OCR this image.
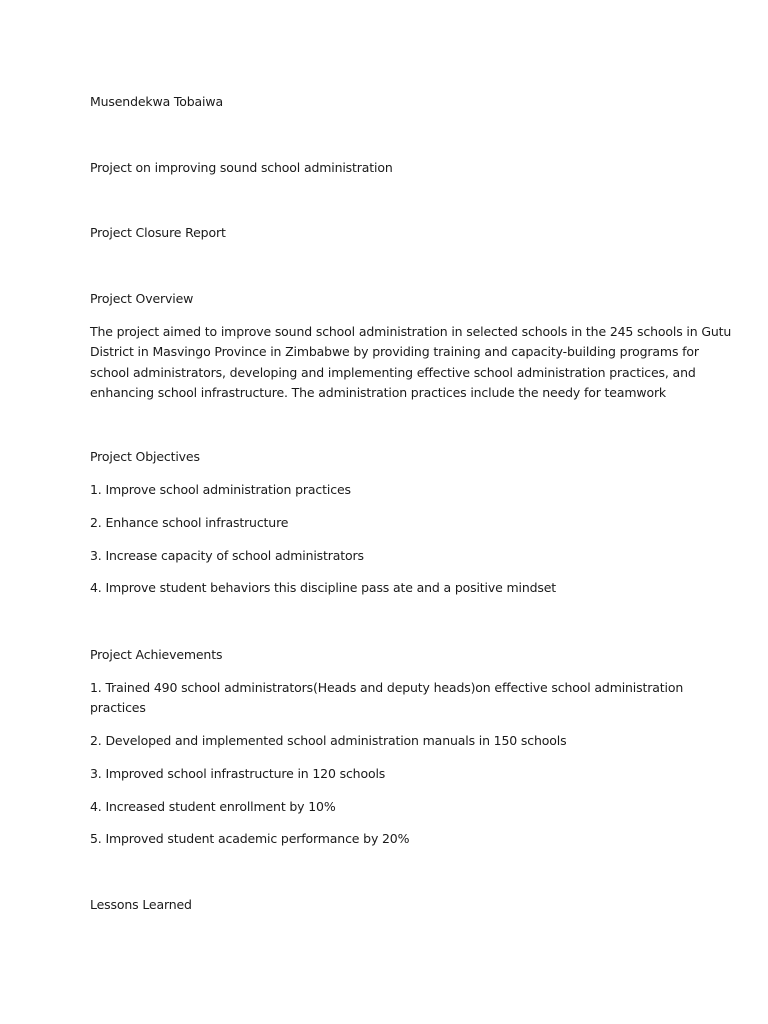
Musendekwa Tobaiwa
Project on improving sound school administration
Project Closure Report
Project Overview
The project aimed to improve sound school administration in selected schools in the 245 schools in Gutu
District in Masvingo Province in Zimbabwe by providing training and capacity-building programs for
school administrators, developing and implementing effective school administration practices, and
enhancing school infrastructure. The administration practices include the needy for teamwork
Project Objectives
1. Improve school administration practices
2. Enhance school infrastructure
3. Increase capacity of school administrators
4. Improve student behaviors this discipline pass ate and a positive mindset
Project Achievements
1. Trained 490 school administrators(Heads and deputy heads)on effective school administration
practices
2. Developed and implemented school administration manuals in 150 schools
3. Improved school infrastructure in 120 schools
4. Increased student enrollment by 10%
5. Improved student academic performance by 20%
Lessons Learned
